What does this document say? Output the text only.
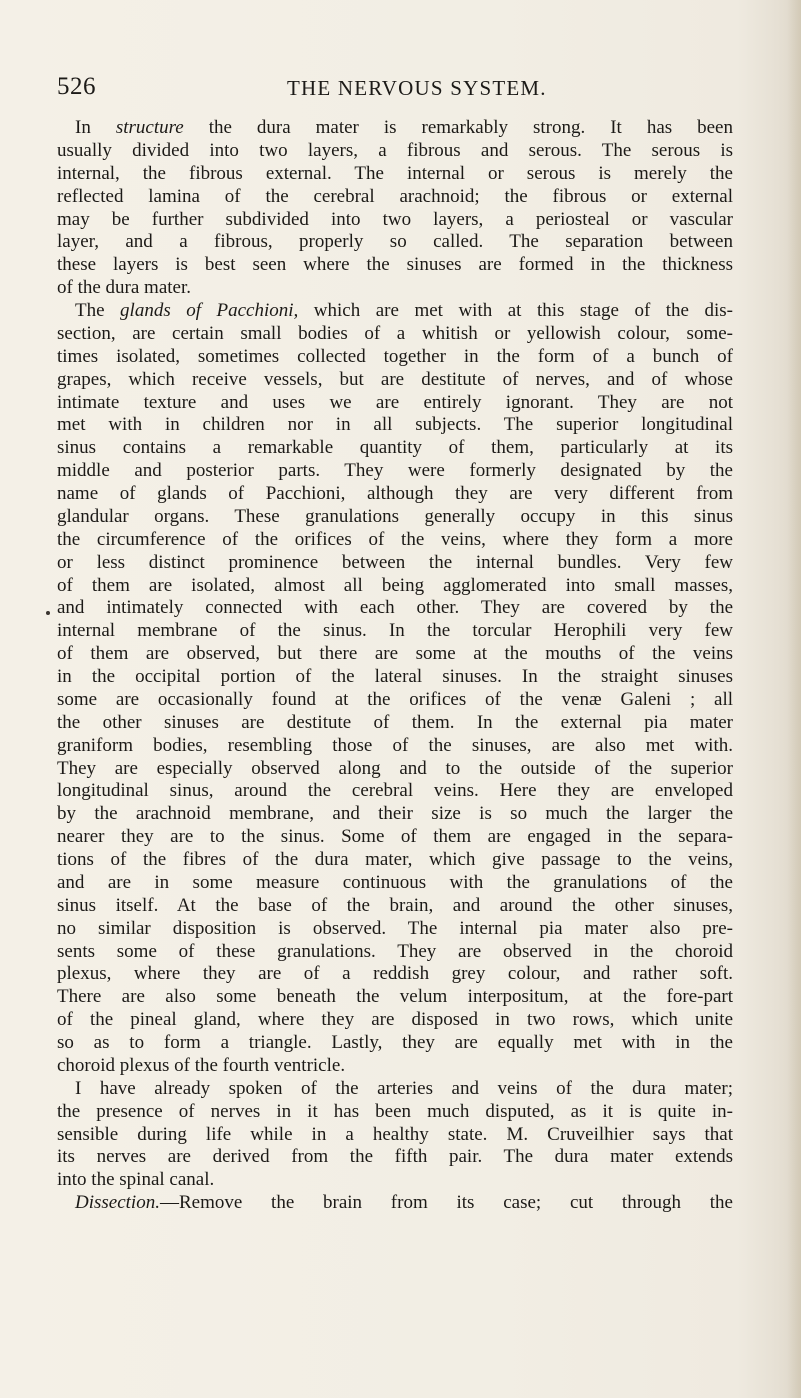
526	THE NERVOUS SYSTEM.
In structure the dura mater is remarkably strong. It has been
usually divided into two layers, a fibrous and serous. The serous is
internal, the fibrous external. The internal or serous is merely the
reflected lamina of the cerebral arachnoid; the fibrous or external
may be further subdivided into two layers, a periosteal or vascular
layer, and a fibrous, properly so called. The separation between
these layers is best seen where the sinuses are formed in the thickness
of the dura mater.
The glands of Pacchioni, which are met with at this stage of the dis-
section, are certain small bodies of a whitish or yellowish colour, some-
times isolated, sometimes collected together in the form of a bunch of
grapes, which receive vessels, but are destitute of nerves, and of whose
intimate texture and uses we are entirely ignorant. They are not
met with in children nor in all subjects. The superior longitudinal
sinus contains a remarkable quantity of them, particularly at its
middle and posterior parts. They were formerly designated by the
name of glands of Pacchioni, although they are very different from
glandular organs. These granulations generally occupy in this sinus
the circumference of the orifices of the veins, where they form a more
or less distinct prominence between the internal bundles. Very few
of them are isolated, almost all being agglomerated into small masses,
and intimately connected with each other. They are covered by the
internal membrane of the sinus. In the torcular Herophili very few
of them are observed, but there are some at the mouths of the veins
in the occipital portion of the lateral sinuses. In the straight sinuses
some are occasionally found at the orifices of the venæ Galeni ; all
the other sinuses are destitute of them. In the external pia mater
graniform bodies, resembling those of the sinuses, are also met with.
They are especially observed along and to the outside of the superior
longitudinal sinus, around the cerebral veins. Here they are enveloped
by the arachnoid membrane, and their size is so much the larger the
nearer they are to the sinus. Some of them are engaged in the separa-
tions of the fibres of the dura mater, which give passage to the veins,
and are in some measure continuous with the granulations of the
sinus itself. At the base of the brain, and around the other sinuses,
no similar disposition is observed. The internal pia mater also pre-
sents some of these granulations. They are observed in the choroid
plexus, where they are of a reddish grey colour, and rather soft.
There are also some beneath the velum interpositum, at the fore-part
of the pineal gland, where they are disposed in two rows, which unite
so as to form a triangle. Lastly, they are equally met with in the
choroid plexus of the fourth ventricle.
I have already spoken of the arteries and veins of the dura mater;
the presence of nerves in it has been much disputed, as it is quite in-
sensible during life while in a healthy state. M. Cruveilhier says that
its nerves are derived from the fifth pair. The dura mater extends
into the spinal canal.
Dissection.—Remove the brain from its case; cut through the
